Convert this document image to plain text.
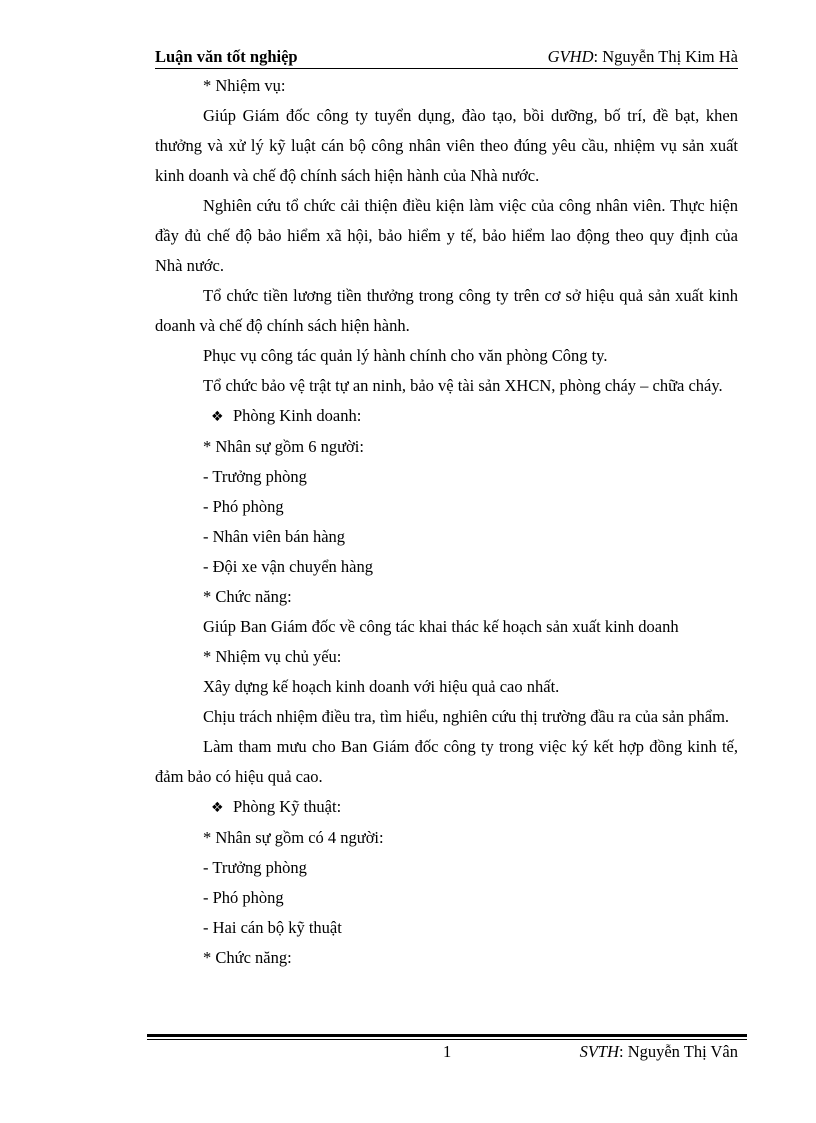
Luận văn tốt nghiệp	GVHD: Nguyễn Thị Kim Hà

* Nhiệm vụ:

Giúp Giám đốc công ty tuyển dụng, đào tạo, bồi dưỡng, bố trí, đề bạt, khen thưởng và xử lý kỹ luật cán bộ công nhân viên theo đúng yêu cầu, nhiệm vụ sản xuất kinh doanh và chế độ chính sách hiện hành của Nhà nước.

Nghiên cứu tổ chức cải thiện điều kiện làm việc của công nhân viên. Thực hiện đầy đủ chế độ bảo hiểm xã hội, bảo hiểm y tế, bảo hiểm lao động theo quy định của Nhà nước.

Tổ chức tiền lương tiền thưởng trong công ty trên cơ sở hiệu quả sản xuất kinh doanh và chế độ chính sách hiện hành.

Phục vụ công tác quản lý hành chính cho văn phòng Công ty.

Tổ chức bảo vệ trật tự an ninh, bảo vệ tài sản XHCN, phòng cháy – chữa cháy.

❖ Phòng Kinh doanh:

* Nhân sự gồm 6 người:

- Trưởng phòng

- Phó phòng

- Nhân viên bán hàng

- Đội xe vận chuyển hàng

* Chức năng:

Giúp Ban Giám đốc về công tác khai thác kế hoạch sản xuất kinh doanh

* Nhiệm vụ chủ yếu:

Xây dựng kế hoạch kinh doanh với hiệu quả cao nhất.

Chịu trách nhiệm điều tra, tìm hiểu, nghiên cứu thị trường đầu ra của sản phẩm.

Làm tham mưu cho Ban Giám đốc công ty trong việc ký kết hợp đồng kinh tế, đảm bảo có hiệu quả cao.

❖ Phòng Kỹ thuật:

* Nhân sự gồm có 4 người:

- Trưởng phòng

- Phó phòng

- Hai cán bộ kỹ thuật

* Chức năng:

1	SVTH: Nguyễn Thị Vân
